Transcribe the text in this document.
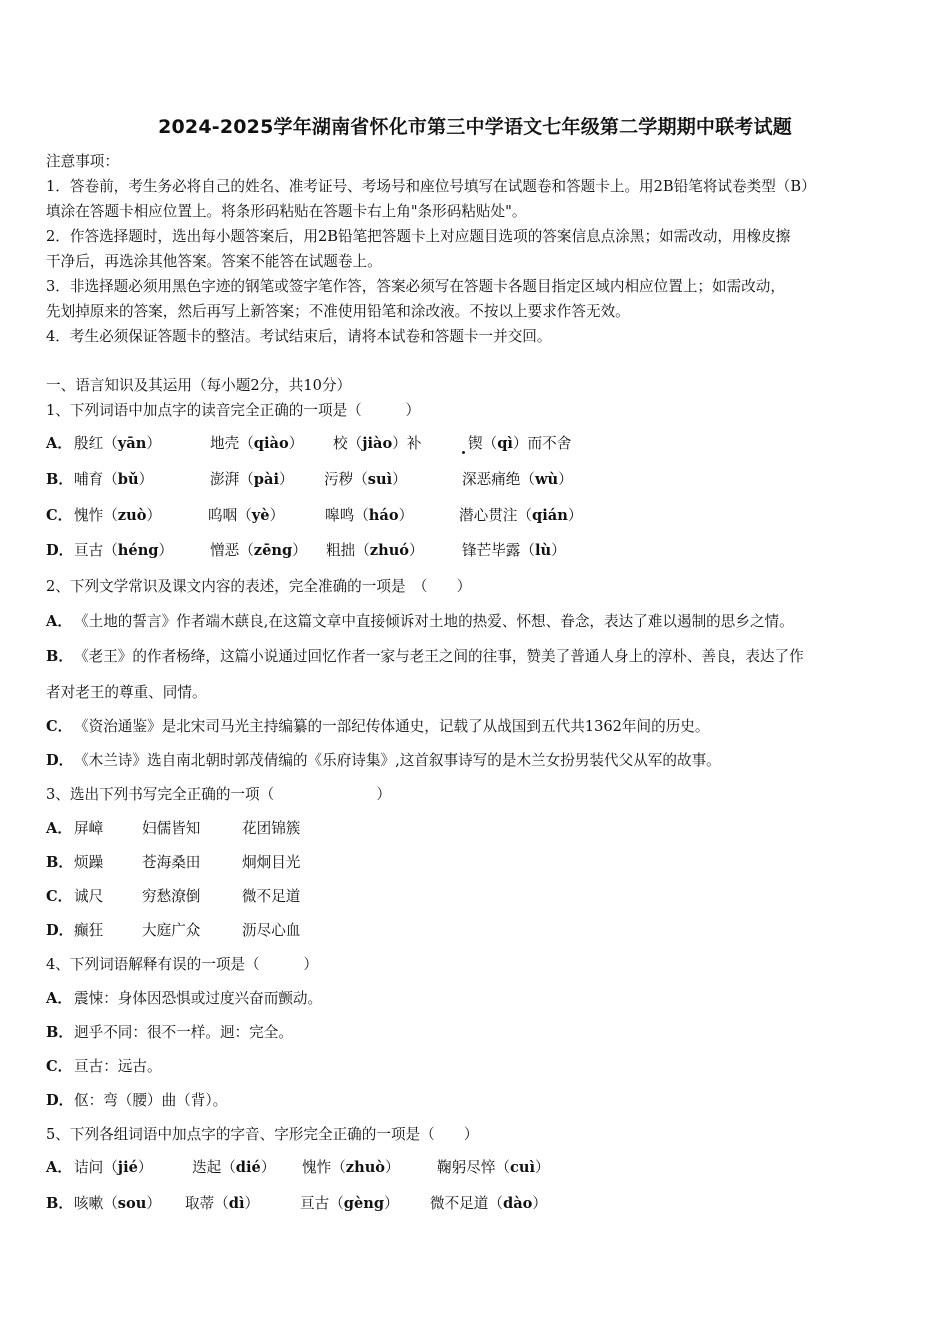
2024-2025学年湖南省怀化市第三中学语文七年级第二学期期中联考试题
注意事项：
1．答卷前，考生务必将自己的姓名、准考证号、考场号和座位号填写在试题卷和答题卡上。用2B铅笔将试卷类型（B）
填涂在答题卡相应位置上。将条形码粘贴在答题卡右上角"条形码粘贴处"。
2．作答选择题时，选出每小题答案后，用2B铅笔把答题卡上对应题目选项的答案信息点涂黑；如需改动，用橡皮擦
干净后，再选涂其他答案。答案不能答在试题卷上。
3．非选择题必须用黑色字迹的钢笔或签字笔作答，答案必须写在答题卡各题目指定区域内相应位置上；如需改动，
先划掉原来的答案，然后再写上新答案；不准使用铅笔和涂改液。不按以上要求作答无效。
4．考生必须保证答题卡的整洁。考试结束后，请将本试卷和答题卡一并交回。
一、语言知识及其运用（每小题2分，共10分）
1、下列词语中加点字的读音完全正确的一项是（　　　）
A． 殷红（yān）	地壳（qiào） 校（jiào）补	锲（qì）而不舍
B．哺育（bǔ）	澎湃（pài） 污秽（suì）	深恶痛绝（wù）
C． 愧怍（zuò）	呜咽（yè）	嗥鸣（háo）	潜心贯注（qián）
D．亘古（héng）	憎恶（zēng） 粗拙（zhuó）	锋芒毕露（lù）
2、下列文学常识及课文内容的表述，完全准确的一项是　（　　）
A． 《土地的誓言》作者端木蕻良,在这篇文章中直接倾诉对土地的热爱、怀想、眷念，表达了难以遏制的思乡之情。
B．《老王》的作者杨绛，这篇小说通过回忆作者一家与老王之间的往事，赞美了普通人身上的淳朴、善良，表达了作
者对老王的尊重、同情。
C． 《资治通鉴》是北宋司马光主持编纂的一部纪传体通史，记载了从战国到五代共1362年间的历史。
D．《木兰诗》选自南北朝时郭茂倩编的《乐府诗集》,这首叙事诗写的是木兰女扮男装代父从军的故事。
3、选出下列书写完全正确的一项（　　　　　　　）
A． 屏嶂	妇儒皆知	花团锦簇
B．烦躁	苍海桑田	炯炯目光
C． 诚尺	穷愁潦倒	微不足道
D．癫狂	大庭广众	沥尽心血
4、下列词语解释有误的一项是（　　　）
A． 震悚：身体因恐惧或过度兴奋而颤动。
B．迥乎不同：很不一样。迥：完全。
C． 亘古：远古。
D．伛：弯（腰）曲（背）。
5、下列各组词语中加点字的字音、字形完全正确的一项是（　　）
A． 诘问（jié）	迭起（dié） 愧怍（zhuò）	鞠躬尽悴（cuì）
B．咳嗽（sou） 取蒂（dì）	亘古（gèng） 微不足道（dào）
